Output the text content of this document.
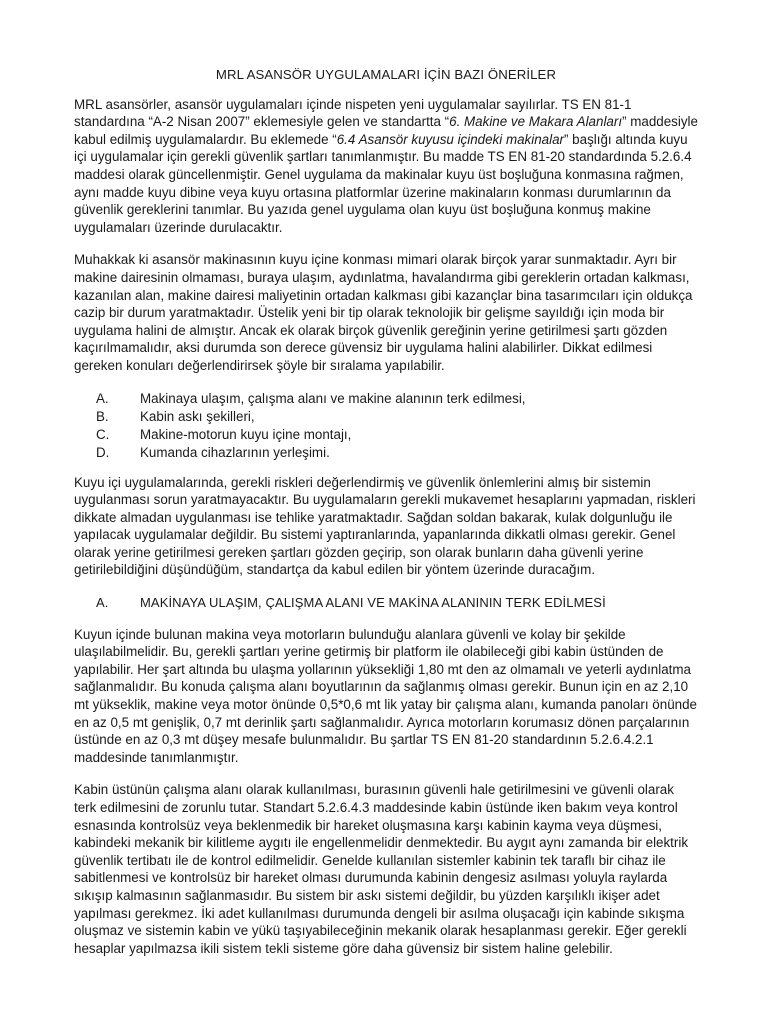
MRL ASANSÖR UYGULAMALARI İÇİN BAZI ÖNERİLER

MRL asansörler, asansör uygulamaları içinde nispeten yeni uygulamalar sayılırlar. TS EN 81-1 standardına “A-2 Nisan 2007” eklemesiyle gelen ve standartta “6. Makine ve Makara Alanları” maddesiyle kabul edilmiş uygulamalardır. Bu eklemede “6.4 Asansör kuyusu içindeki makinalar” başlığı altında kuyu içi uygulamalar için gerekli güvenlik şartları tanımlanmıştır. Bu madde TS EN 81-20 standardında 5.2.6.4 maddesi olarak güncellenmiştir. Genel uygulama da makinalar kuyu üst boşluğuna konmasına rağmen, aynı madde kuyu dibine veya kuyu ortasına platformlar üzerine makinaların konması durumlarının da güvenlik gereklerini tanımlar. Bu yazıda genel uygulama olan kuyu üst boşluğuna konmuş makine uygulamaları üzerinde durulacaktır.

Muhakkak ki asansör makinasının kuyu içine konması mimari olarak birçok yarar sunmaktadır. Ayrı bir makine dairesinin olmaması, buraya ulaşım, aydınlatma, havalandırma gibi gereklerin ortadan kalkması, kazanılan alan, makine dairesi maliyetinin ortadan kalkması gibi kazançlar bina tasarımcıları için oldukça cazip bir durum yaratmaktadır. Üstelik yeni bir tip olarak teknolojik bir gelişme sayıldığı için moda bir uygulama halini de almıştır. Ancak ek olarak birçok güvenlik gereğinin yerine getirilmesi şartı gözden kaçırılmamalıdır, aksi durumda son derece güvensiz bir uygulama halini alabilirler. Dikkat edilmesi gereken konuları değerlendirirsek şöyle bir sıralama yapılabilir.

A.	Makinaya ulaşım, çalışma alanı ve makine alanının terk edilmesi,
B.	Kabin askı şekilleri,
C.	Makine-motorun kuyu içine montajı,
D.	Kumanda cihazlarının yerleşimi.

Kuyu içi uygulamalarında, gerekli riskleri değerlendirmiş ve güvenlik önlemlerini almış bir sistemin uygulanması sorun yaratmayacaktır. Bu uygulamaların gerekli mukavemet hesaplarını yapmadan, riskleri dikkate almadan uygulanması ise tehlike yaratmaktadır. Sağdan soldan bakarak, kulak dolgunluğu ile yapılacak uygulamalar değildir. Bu sistemi yaptıranlarında, yapanlarında dikkatli olması gerekir. Genel olarak yerine getirilmesi gereken şartları gözden geçirip, son olarak bunların daha güvenli yerine getirilebildiğini düşündüğüm, standartça da kabul edilen bir yöntem üzerinde duracağım.

A.	MAKİNAYA ULAŞIM, ÇALIŞMA ALANI VE MAKİNA ALANININ TERK EDİLMESİ

Kuyun içinde bulunan makina veya motorların bulunduğu alanlara güvenli ve kolay bir şekilde ulaşılabilmelidir. Bu, gerekli şartları yerine getirmiş bir platform ile olabileceği gibi kabin üstünden de yapılabilir. Her şart altında bu ulaşma yollarının yüksekliği 1,80 mt den az olmamalı ve yeterli aydınlatma sağlanmalıdır. Bu konuda çalışma alanı boyutlarının da sağlanmış olması gerekir. Bunun için en az 2,10 mt yükseklik, makine veya motor önünde 0,5*0,6 mt lik yatay bir çalışma alanı, kumanda panoları önünde en az 0,5 mt genişlik, 0,7 mt derinlik şartı sağlanmalıdır. Ayrıca motorların korumasız dönen parçalarının üstünde en az 0,3 mt düşey mesafe bulunmalıdır. Bu şartlar TS EN 81-20 standardının 5.2.6.4.2.1 maddesinde tanımlanmıştır.

Kabin üstünün çalışma alanı olarak kullanılması, burasının güvenli hale getirilmesini ve güvenli olarak terk edilmesini de zorunlu tutar. Standart 5.2.6.4.3 maddesinde kabin üstünde iken bakım veya kontrol esnasında kontrolsüz veya beklenmedik bir hareket oluşmasına karşı kabinin kayma veya düşmesi, kabindeki mekanik bir kilitleme aygıtı ile engellenmelidir denmektedir. Bu aygıt aynı zamanda bir elektrik güvenlik tertibatı ile de kontrol edilmelidir. Genelde kullanılan sistemler kabinin tek taraflı bir cihaz ile sabitlenmesi ve kontrolsüz bir hareket olması durumunda kabinin dengesiz asılması yoluyla raylarda sıkışıp kalmasının sağlanmasıdır. Bu sistem bir askı sistemi değildir, bu yüzden karşılıklı ikişer adet yapılması gerekmez. İki adet kullanılması durumunda dengeli bir asılma oluşacağı için kabinde sıkışma oluşmaz ve sistemin kabin ve yükü taşıyabileceğinin mekanik olarak hesaplanması gerekir. Eğer gerekli hesaplar yapılmazsa ikili sistem tekli sisteme göre daha güvensiz bir sistem haline gelebilir.
